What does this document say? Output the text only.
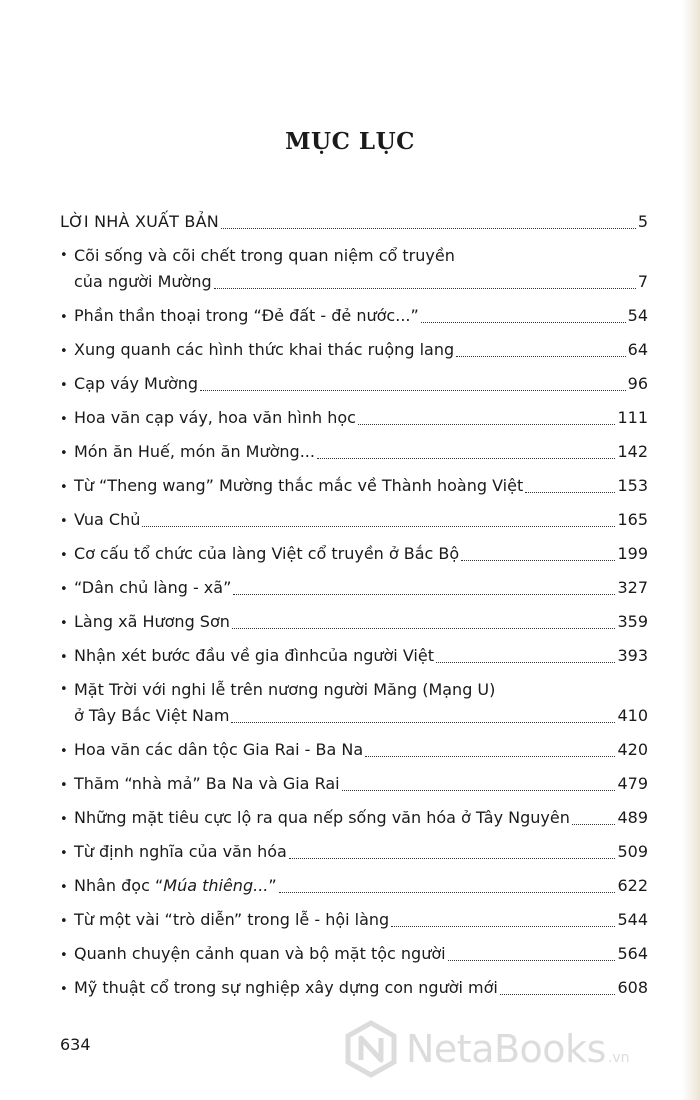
MỤC LỤC
LỜI NHÀ XUẤT BẢN	5
• Cõi sống và cõi chết trong quan niệm cổ truyền
của người Mường	7
• Phần thần thoại trong “Đẻ đất - đẻ nước...”	54
• Xung quanh các hình thức khai thác ruộng lang	64
• Cạp váy Mường	96
• Hoa văn cạp váy, hoa văn hình học	111
• Món ăn Huế, món ăn Mường...	142
• Từ “Theng wang” Mường thắc mắc về Thành hoàng Việt	153
• Vua Chủ	165
• Cơ cấu tổ chức của làng Việt cổ truyền ở Bắc Bộ	199
• “Dân chủ làng - xã”	327
• Làng xã Hương Sơn	359
• Nhận xét bước đầu về gia đìnhcủa người Việt	393
• Mặt Trời với nghi lễ trên nương người Măng (Mạng U)
ở Tây Bắc Việt Nam	410
• Hoa văn các dân tộc Gia Rai - Ba Na	420
• Thăm “nhà mả” Ba Na và Gia Rai	479
• Những mặt tiêu cực lộ ra qua nếp sống văn hóa ở Tây Nguyên	489
• Từ định nghĩa của văn hóa	509
• Nhân đọc “Múa thiêng...”	622
• Từ một vài “trò diễn” trong lễ - hội làng	544
• Quanh chuyện cảnh quan và bộ mặt tộc người	564
• Mỹ thuật cổ trong sự nghiệp xây dựng con người mới	608
634	NetaBooks .vn
